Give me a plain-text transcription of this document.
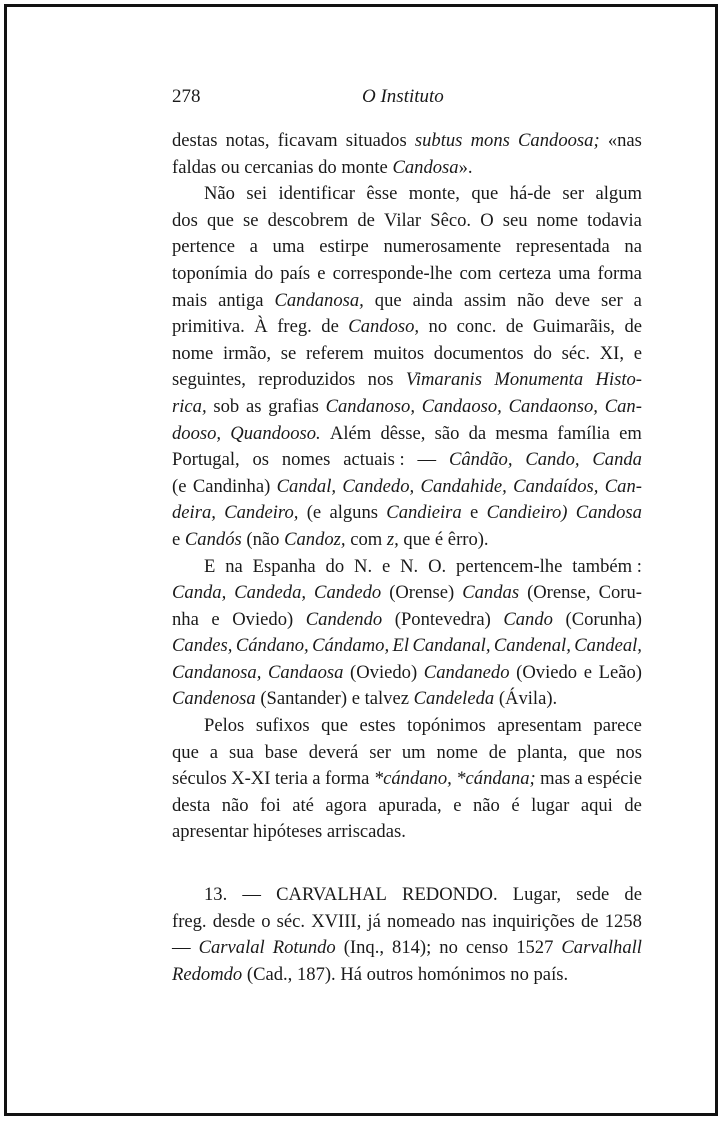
278	O Instituto
destas notas, ficavam situados subtus mons Candoosa; «nas
faldas ou cercanias do monte Candosa ».
Não sei identificar êsse monte, que há-de ser algum
dos que se descobrem de Vilar Sêco. O seu nome todavia
pertence a uma estirpe numerosamente representada na
toponímia do país e corresponde-lhe com certeza uma forma
mais antiga Candanosa, que ainda assim não deve ser a
primitiva. À freg. de Candoso, no conc. de Guimarãis, de
nome irmão, se referem muitos documentos do séc. XI, e
seguintes, reproduzidos nos Vimaranis Monumenta Histo-
rica, sob as grafias Candanoso, Candaoso, Candaonso, Can-
dooso, Quandooso. Além dêsse, são da mesma família em
Portugal, os nomes actuais : — Cândão, Cando, Canda
(e Candinha) Candal, Candedo, Candahide, Candaídos, Can-
deira, Candeiro, (e alguns Candieira e Candieiro) Candosa
e Candós (não Candoz, com z, que é êrro).
E na Espanha do N. e N. O. pertencem-lhe também :
Canda, Candeda, Candedo (Orense) Candas (Orense, Coru-
nha e Oviedo) Candendo (Pontevedra) Cando (Corunha)
Candes, Cándano, Cándamo, El Candanal, Candenal, Candeal,
Candanosa, Candaosa (Oviedo) Candanedo (Oviedo e Leão)
Candenosa (Santander) e talvez Candeleda (Ávila).
Pelos sufixos que estes topónimos apresentam parece
que a sua base deverá ser um nome de planta, que nos
séculos X-XI teria a forma *cándano, *cándana; mas a espécie
desta não foi até agora apurada, e não é lugar aqui de
apresentar hipóteses arriscadas.
13. — CARVALHAL REDONDO. Lugar, sede de
freg. desde o séc. XVIII, já nomeado nas inquirições de 1258
— Carvalal Rotundo (Inq., 814); no censo 1527 Carvalhall
Redomdo (Cad., 187). Há outros homónimos no país.
